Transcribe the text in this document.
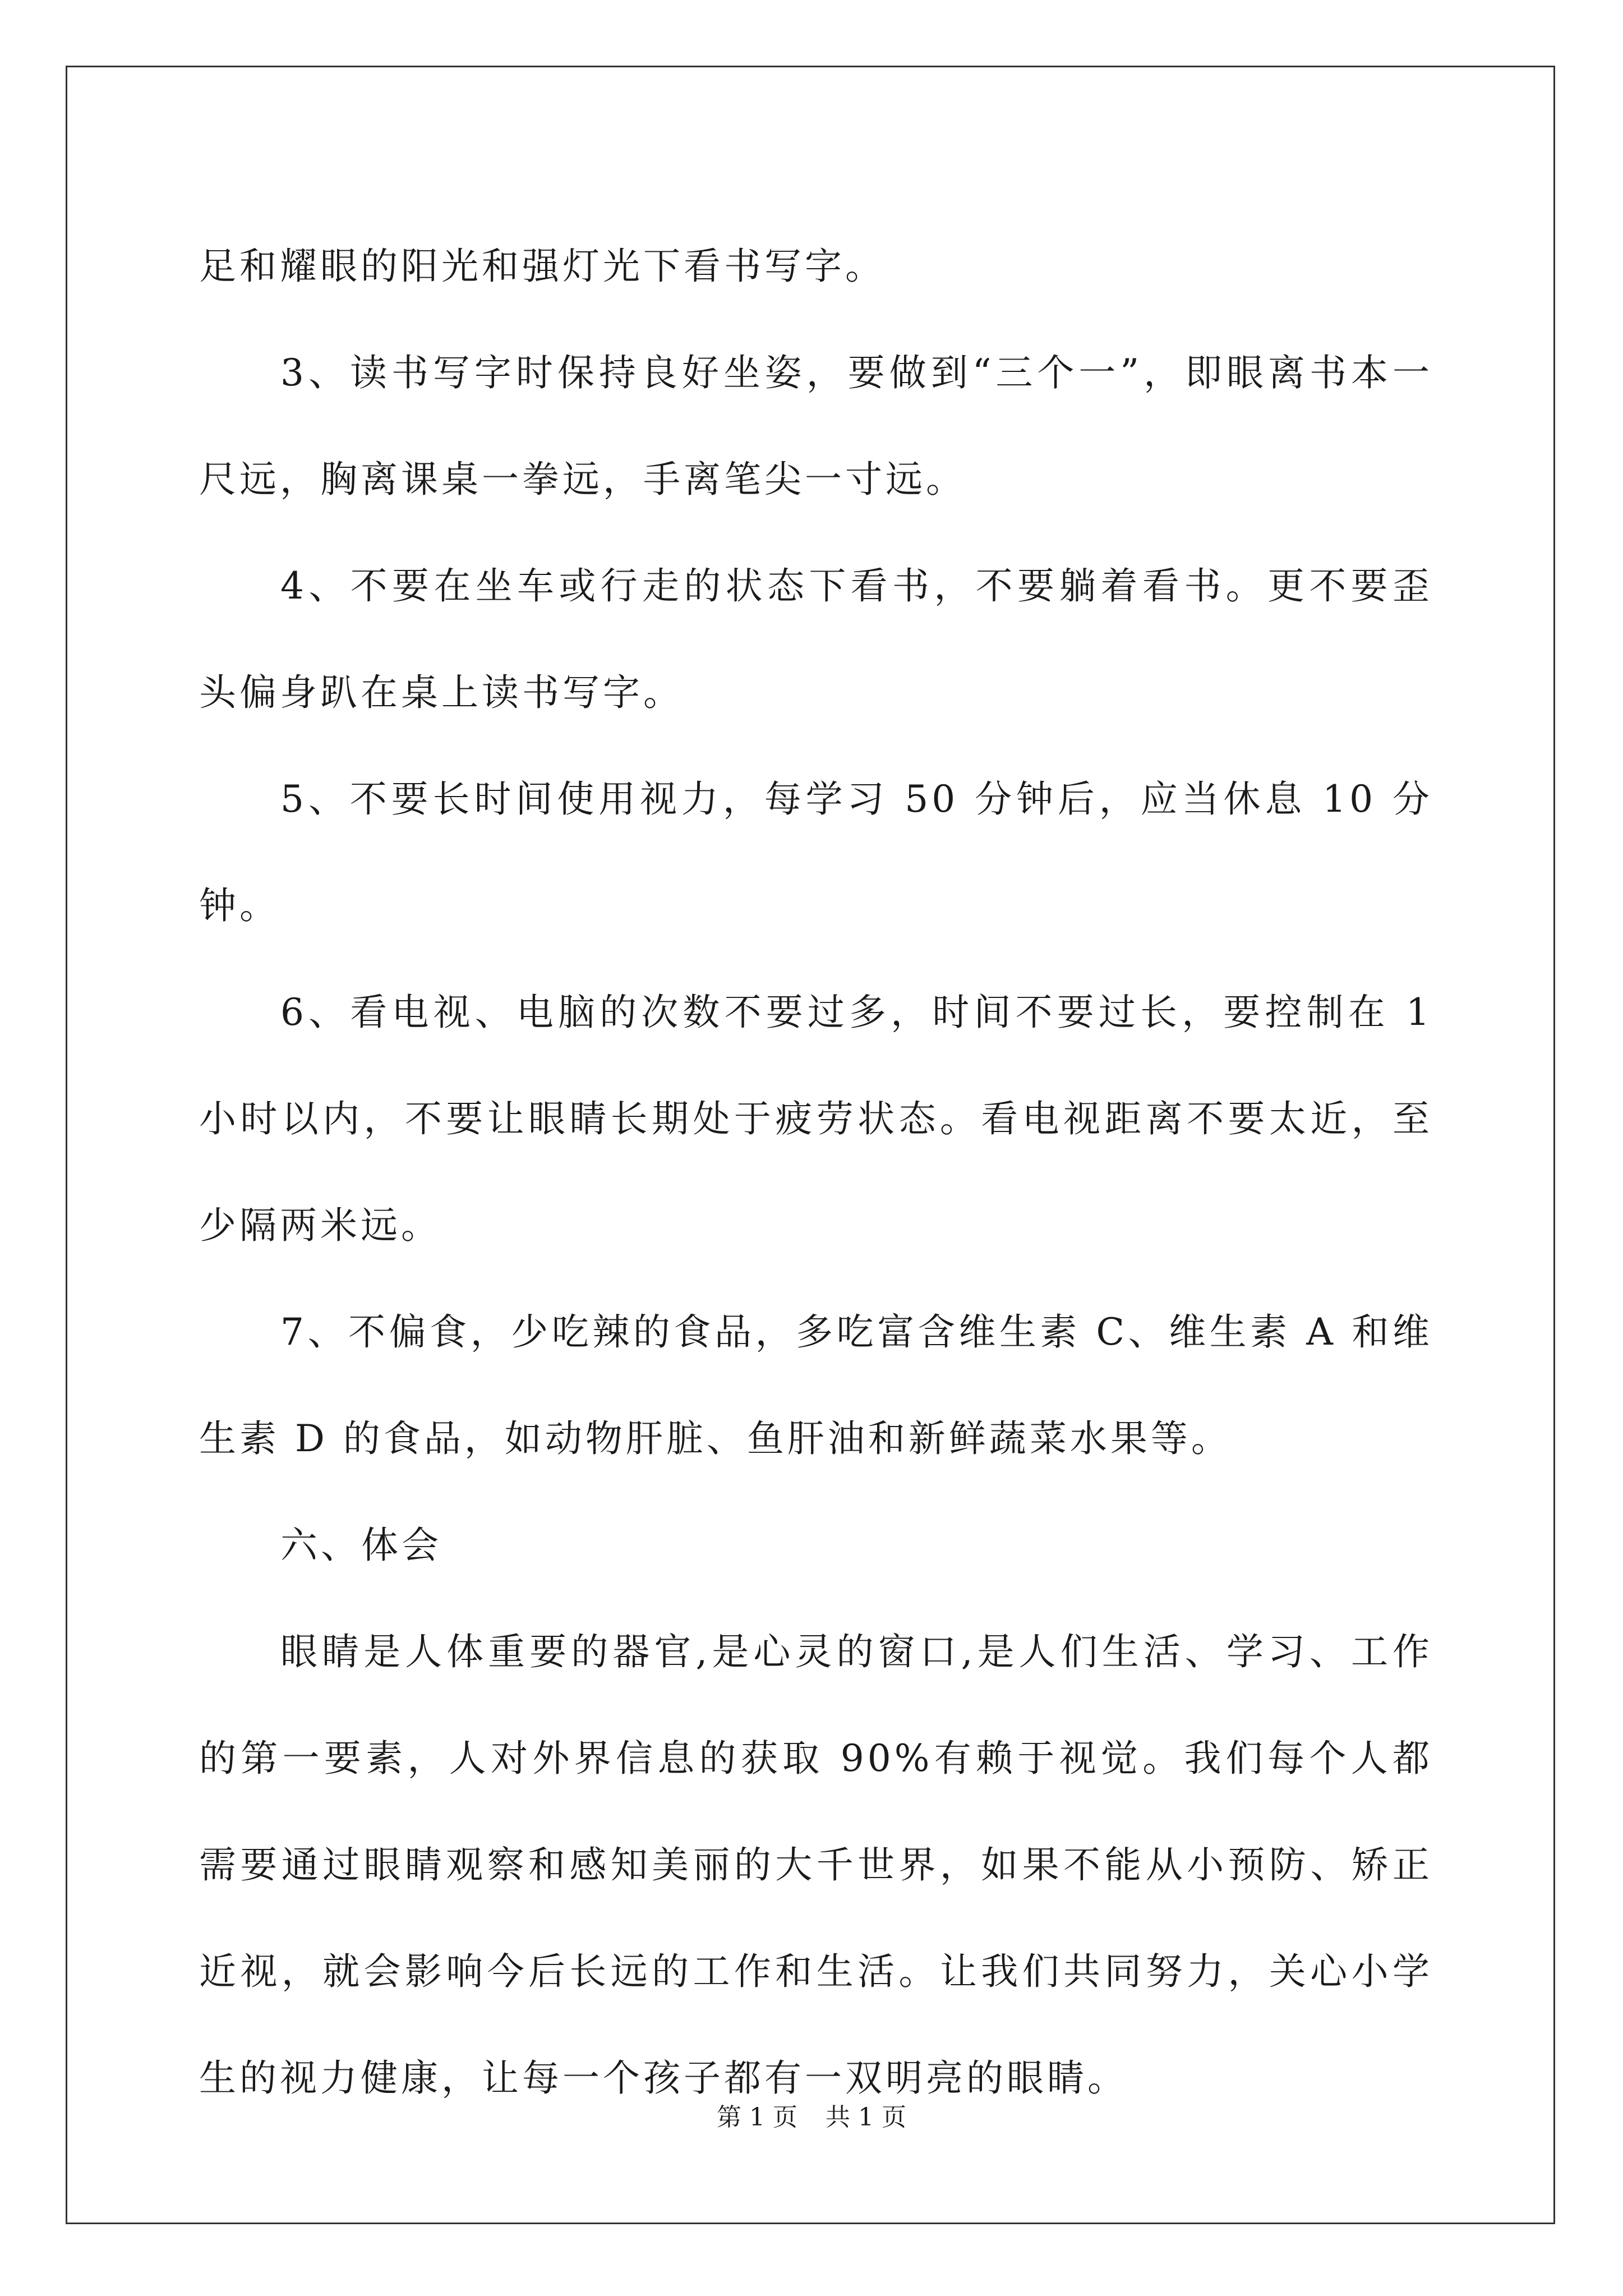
足和耀眼的阳光和强灯光下看书写字。

3、读书写字时保持良好坐姿，要做到“三个一”，即眼离书本一尺远，胸离课桌一拳远，手离笔尖一寸远。

4、不要在坐车或行走的状态下看书，不要躺着看书。更不要歪头偏身趴在桌上读书写字。

5、不要长时间使用视力，每学习 50 分钟后，应当休息 10 分钟。

6、看电视、电脑的次数不要过多，时间不要过长，要控制在 1 小时以内，不要让眼睛长期处于疲劳状态。看电视距离不要太近，至少隔两米远。

7、不偏食，少吃辣的食品，多吃富含维生素 C、维生素 A 和维生素 D 的食品，如动物肝脏、鱼肝油和新鲜蔬菜水果等。

六、体会

眼睛是人体重要的器官,是心灵的窗口,是人们生活、学习、工作的第一要素，人对外界信息的获取 90%有赖于视觉。我们每个人都需要通过眼睛观察和感知美丽的大千世界，如果不能从小预防、矫正近视，就会影响今后长远的工作和生活。让我们共同努力，关心小学生的视力健康，让每一个孩子都有一双明亮的眼睛。

第 1 页 共 1 页
